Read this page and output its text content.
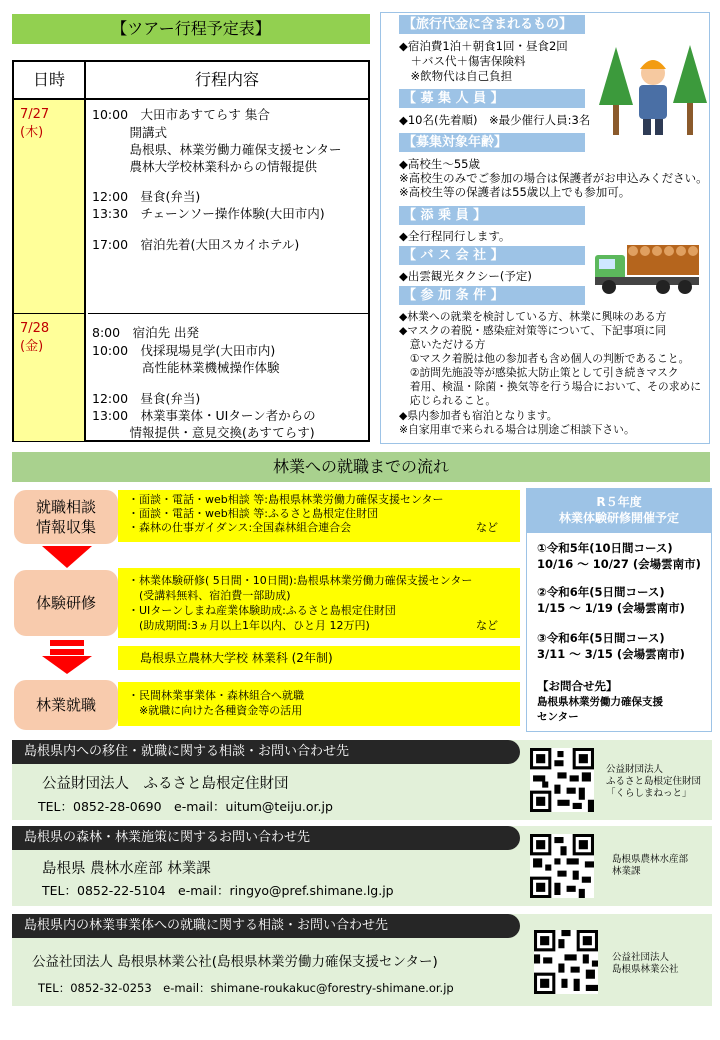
【ツアー行程予定表】
日時	行程内容
7/27
(木)
10:00　大田市あすてらす 集合
　　　開講式
　　　島根県、林業労働力確保支援センター
　　　農林大学校林業科からの情報提供
12:00　昼食(弁当)
13:30　チェーンソー操作体験(大田市内)
17:00　宿泊先着(大田スカイホテル)
7/28
(金)
8:00　宿泊先 出発
10:00　伐採現場見学(大田市内)
　　　　高性能林業機械操作体験
12:00　昼食(弁当)
13:00　林業事業体・UIターン者からの
　　　情報提供・意見交換(あすてらす)
【旅行代金に含まれるもの】
◆宿泊費1泊＋朝食1回・昼食2回
　＋バス代＋傷害保険料
　※飲物代は自己負担
【 募 集 人 員 】
◆10名(先着順)　※最少催行人員:3名
【募集対象年齢】
◆高校生～55歳
※高校生のみでご参加の場合は保護者がお申込みください。
※高校生等の保護者は55歳以上でも参加可。
【 添 乗 員 】
◆全行程同行します。
【 バ ス 会 社 】
◆出雲観光タクシー(予定)
【 参 加 条 件 】
◆林業への就業を検討している方、林業に興味のある方
◆マスクの着脱・感染症対策等について、下記事項に同
　意いただける方
　①マスク着脱は他の参加者も含め個人の判断であること。
　②訪問先施設等が感染拡大防止策として引き続きマスク
　着用、検温・除菌・換気等を行う場合において、その求めに
　応じられること。
◆県内参加者も宿泊となります。
※自家用車で来られる場合は別途ご相談下さい。
林業への就職までの流れ
就職相談
情報収集
・面談・電話・web相談 等:島根県林業労働力確保支援センター
・面談・電話・web相談 等:ふるさと島根定住財団
・森林の仕事ガイダンス:全国森林組合連合会	など
体験研修
・林業体験研修( 5日間・10日間):島根県林業労働力確保支援センター
　(受講料無料、宿泊費一部助成)
・UIターンしまね産業体験助成:ふるさと島根定住財団
　(助成期間:3ヵ月以上1年以内、ひと月 12万円)	など
島根県立農林大学校 林業科 (2年制)
林業就職
・民間林業事業体・森林組合へ就職
　※就職に向けた各種資金等の活用
R５年度
林業体験研修開催予定
①令和5年(10日間コース)
10/16 ～ 10/27 (会場雲南市)
②令和6年(5日間コース)
1/15 ～ 1/19 (会場雲南市)
③令和6年(5日間コース)
3/11 ～ 3/15 (会場雲南市)
【お問合せ先】
島根県林業労働力確保支援
センター
島根県内への移住・就職に関する相談・お問い合わせ先
公益財団法人　ふるさと島根定住財団
TEL：0852-28-0690　e-mail：uitum@teiju.or.jp
公益財団法人
ふるさと島根定住財団
「くらしまねっと」
島根県の森林・林業施策に関するお問い合わせ先
島根県 農林水産部 林業課
TEL：0852-22-5104　e-mail：ringyo@pref.shimane.lg.jp
島根県農林水産部
林業課
島根県内の林業事業体への就職に関する相談・お問い合わせ先
公益社団法人 島根県林業公社(島根県林業労働力確保支援センター)
TEL：0852-32-0253　e-mail：shimane-roukakuc@forestry-shimane.or.jp
公益社団法人
島根県林業公社
